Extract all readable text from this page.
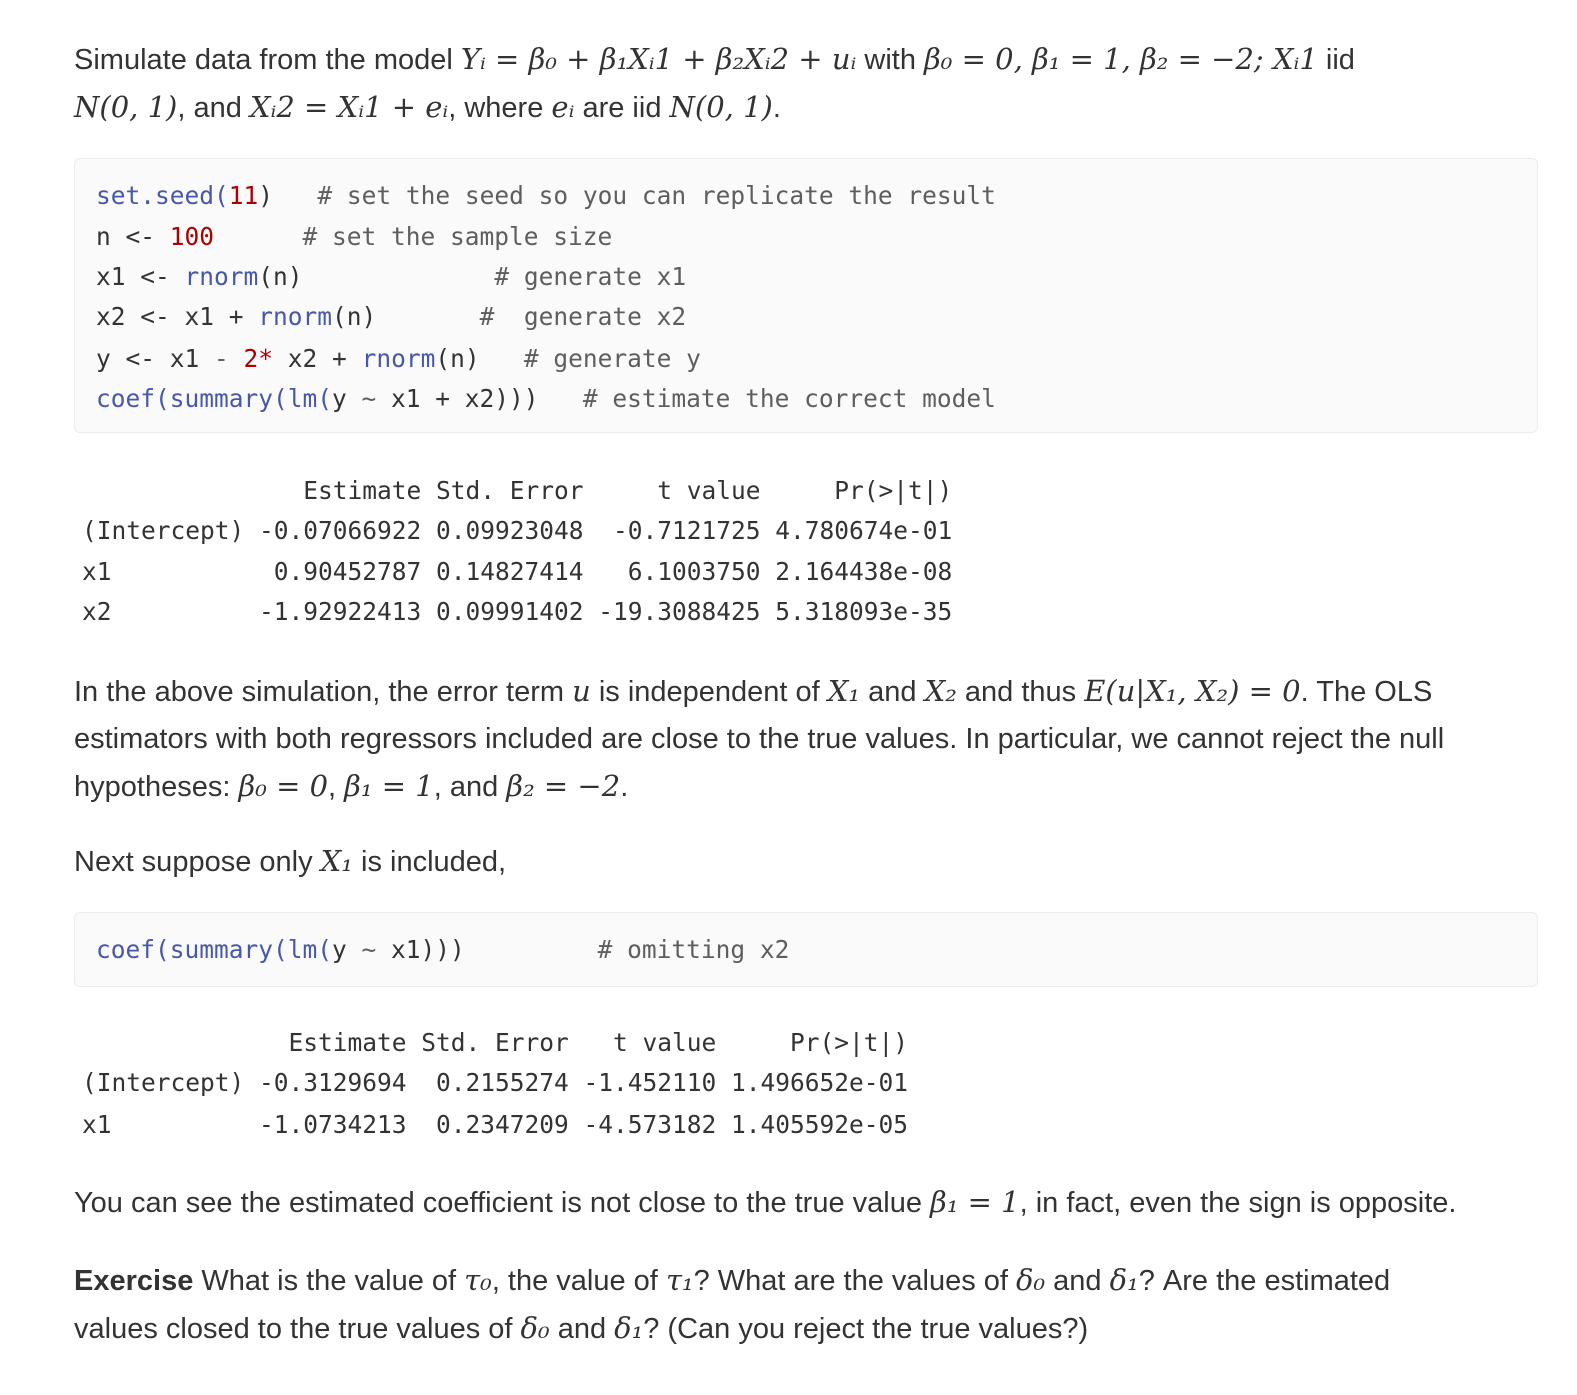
Simulate data from the model Yᵢ = β₀ + β₁Xᵢ1 + β₂Xᵢ2 + uᵢ with β₀ = 0, β₁ = 1, β₂ = −2; Xᵢ1 iid
N(0, 1), and Xᵢ2 = Xᵢ1 + eᵢ, where eᵢ are iid N(0, 1).

set.seed(11) # set the seed so you can replicate the result
n <- 100	# set the sample size
x1 <- rnorm(n)	# generate x1
x2 <- x1 + rnorm(n)	#  generate x2
y <- x1 - 2* x2 + rnorm(n) # generate y
coef(summary(lm(y ~ x1 + x2))) # estimate the correct model
Estimate Std. Error     t value     Pr(>|t|)
(Intercept) -0.07066922 0.09923048  -0.7121725 4.780674e-01
x1           0.90452787 0.14827414   6.1003750 2.164438e-08
x2          -1.92922413 0.09991402 -19.3088425 5.318093e-35

In the above simulation, the error term u is independent of X₁ and X₂ and thus E(u|X₁, X₂) = 0. The OLS estimators with both regressors included are close to the true values. In particular, we cannot reject the null hypotheses: β₀ = 0, β₁ = 1, and β₂ = −2.

Next suppose only X₁ is included,

coef(summary(lm(y ~ x1)))	# omitting x2
Estimate Std. Error   t value     Pr(>|t|)
(Intercept) -0.3129694  0.2155274 -1.452110 1.496652e-01
x1          -1.0734213  0.2347209 -4.573182 1.405592e-05

You can see the estimated coefficient is not close to the true value β₁ = 1, in fact, even the sign is opposite.

Exercise What is the value of τ₀, the value of τ₁? What are the values of δ₀ and δ₁? Are the estimated values closed to the true values of δ₀ and δ₁? (Can you reject the true values?)
